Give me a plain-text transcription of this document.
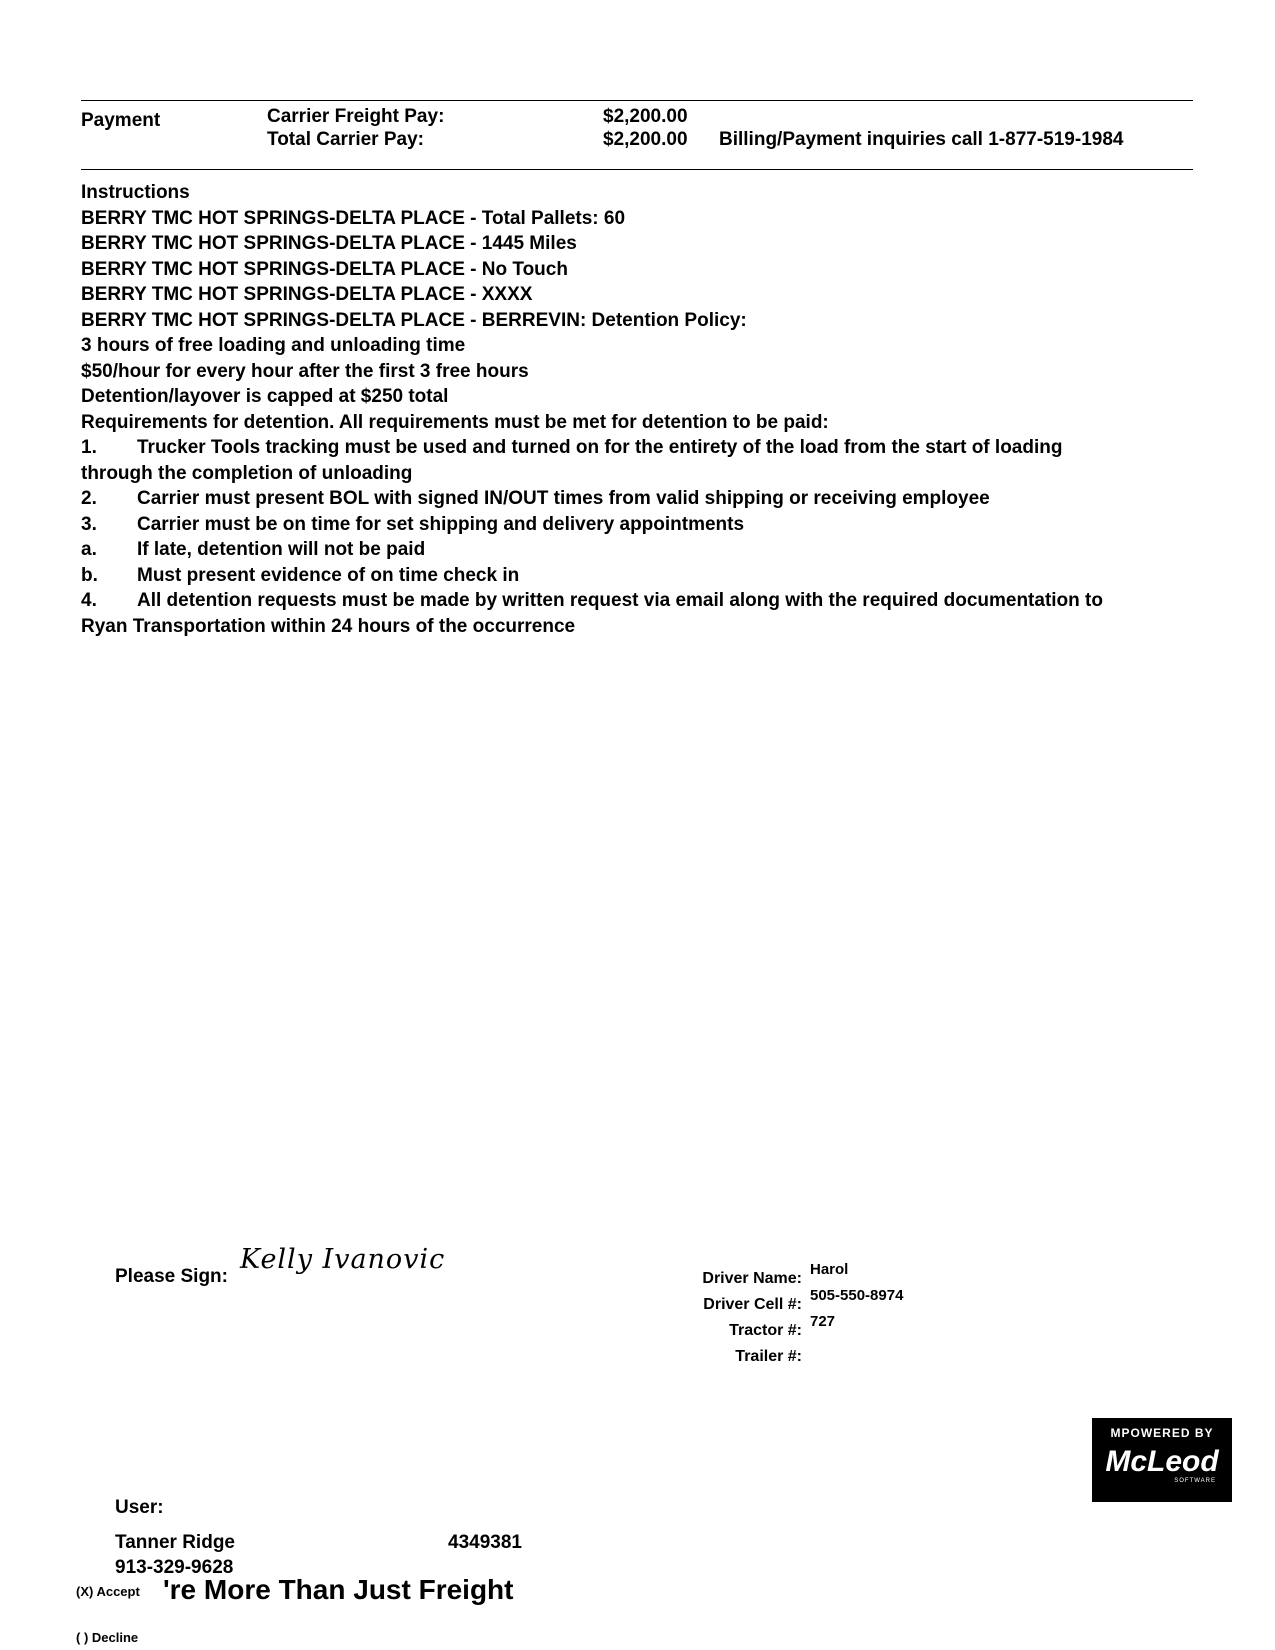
Payment	Carrier Freight Pay:	$2,200.00
Total Carrier Pay:	$2,200.00 Billing/Payment inquiries call 1-877-519-1984
Instructions
BERRY TMC HOT SPRINGS-DELTA PLACE - Total Pallets: 60
BERRY TMC HOT SPRINGS-DELTA PLACE - 1445 Miles
BERRY TMC HOT SPRINGS-DELTA PLACE - No Touch
BERRY TMC HOT SPRINGS-DELTA PLACE - XXXX
BERRY TMC HOT SPRINGS-DELTA PLACE - BERREVIN: Detention Policy:
3 hours of free loading and unloading time
$50/hour for every hour after the first 3 free hours
Detention/layover is capped at $250 total
Requirements for detention. All requirements must be met for detention to be paid:
1. Trucker Tools tracking must be used and turned on for the entirety of the load from the start of loading
through the completion of unloading
2. Carrier must present BOL with signed IN/OUT times from valid shipping or receiving employee
3. Carrier must be on time for set shipping and delivery appointments
a. If late, detention will not be paid
b. Must present evidence of on time check in
4. All detention requests must be made by written request via email along with the required documentation to
Ryan Transportation within 24 hours of the occurrence
Please Sign:
Kelly Ivanovic
Driver Name:
Harol
Driver Cell #:
505-550-8974
Tractor #:
727
Trailer #:
MPOWERED BY
McLeod
SOFTWARE
User:
Tanner Ridge	4349381
913-329-9628
(X) Accept 're More Than Just Freight
( ) Decline
